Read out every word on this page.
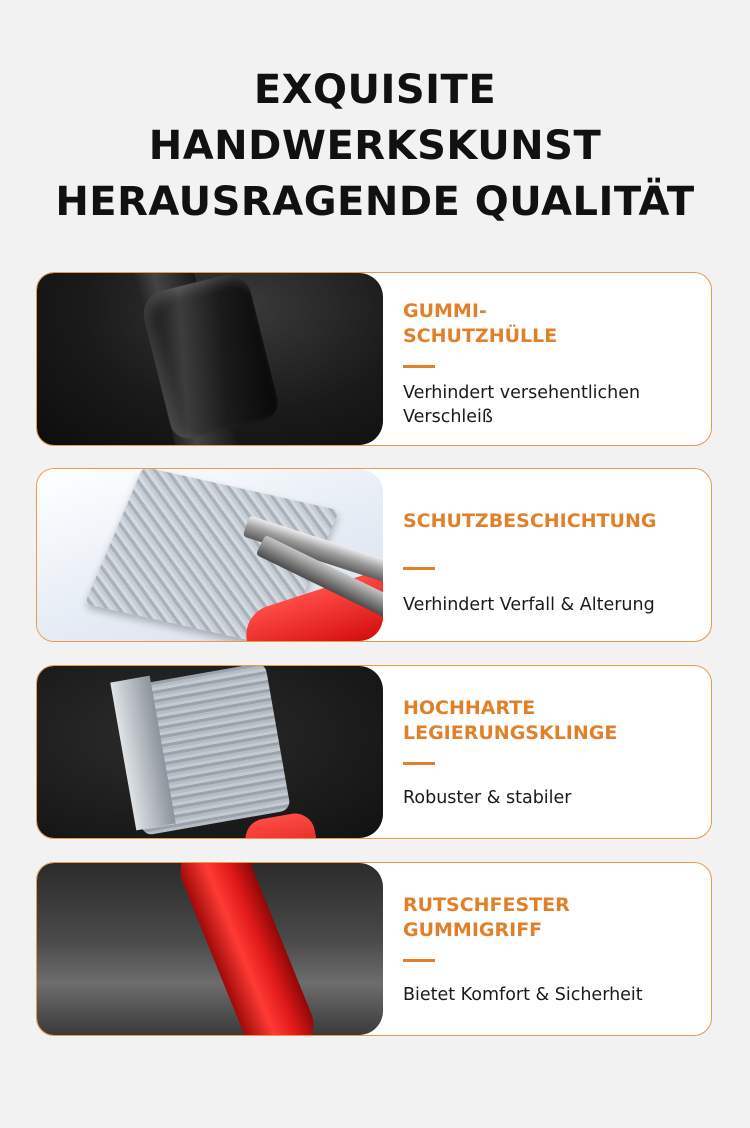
EXQUISITE
HANDWERKSKUNST
HERAUSRAGENDE QUALITÄT
GUMMI-
SCHUTZHÜLLE
Verhindert versehentlichen
Verschleiß
SCHUTZBESCHICHTUNG
Verhindert Verfall & Alterung
HOCHHARTE
LEGIERUNGSKLINGE
Robuster & stabiler
RUTSCHFESTER
GUMMIGRIFF
Bietet Komfort & Sicherheit
